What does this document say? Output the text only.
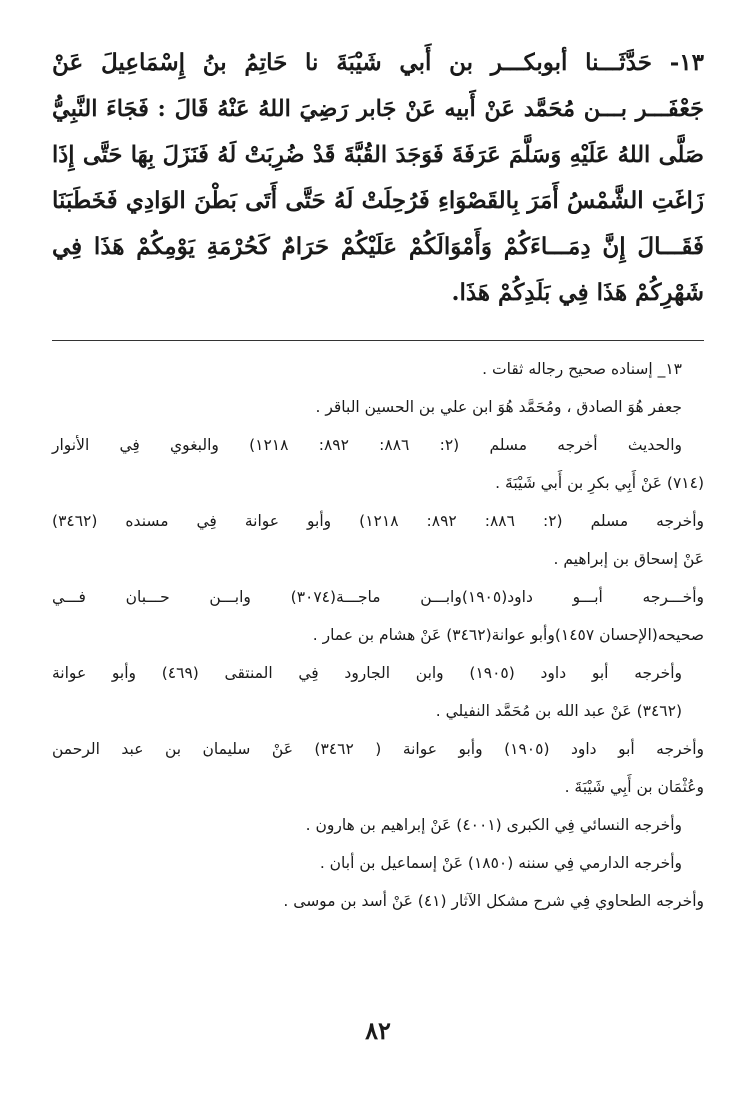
١٣- حَدَّثَـــنا أبوبكـــر بن أَبي شَيْبَةَ نا حَاتِمُ بنُ إِسْمَاعِيلَ عَنْ
جَعْفَـــر بـــن مُحَمَّد عَنْ أَبيه عَنْ جَابر رَضِيَ اللهُ عَنْهُ قَالَ : فَجَاءَ النَّبِيُّ
صَلَّى اللهُ عَلَيْهِ وَسَلَّمَ عَرَفَةَ فَوَجَدَ القُبَّةَ قَدْ ضُرِبَتْ لَهُ فَنَزَلَ بِهَا حَتَّى إِذَا
زَاغَتِ الشَّمْسُ أَمَرَ بِالقَصْوَاءِ فَرُحِلَتْ لَهُ حَتَّى أَتَى بَطْنَ الوَادِي فَخَطَبَنَا
فَقَـــالَ إِنَّ دِمَـــاءَكُمْ وَأَمْوَالَكُمْ عَلَيْكُمْ حَرَامٌ كَحُرْمَةِ يَوْمِكُمْ هَذَا فِي
شَهْرِكُمْ هَذَا فِي بَلَدِكُمْ هَذَا.
١٣_ إسناده صحيح رجاله ثقات .
جعفر هُوَ الصادق ، ومُحَمَّد هُوَ ابن علي بن الحسين الباقر .
والحديث أخرجه مسلم (٢: ٨٨٦: ٨٩٢: ١٢١٨) والبغوي فِي الأنوار
(٧١٤) عَنْ أَبِي بكرِ بن أَبي شَيْبَةَ .
وأخرجه مسلم (٢: ٨٨٦: ٨٩٢: ١٢١٨) وأبو عوانة فِي مسنده (٣٤٦٢)
عَنْ إسحاق بن إبراهيم .
وأخـــرجه أبـــو داود(١٩٠٥)وابـــن ماجـــة(٣٠٧٤) وابـــن حـــبان فـــي
صحيحه(الإحسان ١٤٥٧)وأبو عوانة(٣٤٦٢) عَنْ هشام بن عمار .
وأخرجه أبو داود (١٩٠٥) وابن الجارود فِي المنتقى (٤٦٩) وأبو عوانة
(٣٤٦٢) عَنْ عبد الله بن مُحَمَّد النفيلي .
وأخرجه أبو داود (١٩٠٥) وأبو عوانة ( ٣٤٦٢) عَنْ سليمان بن عبد الرحمن
وعُثْمَان بن أَبِي شَيْبَةَ .
وأخرجه النسائي فِي الكبرى (٤٠٠١) عَنْ إبراهيم بن هارون .
وأخرجه الدارمي فِي سننه (١٨٥٠) عَنْ إسماعيل بن أبان .
وأخرجه الطحاوي فِي شرح مشكل الآثار (٤١) عَنْ أسد بن موسى .
٨٢
